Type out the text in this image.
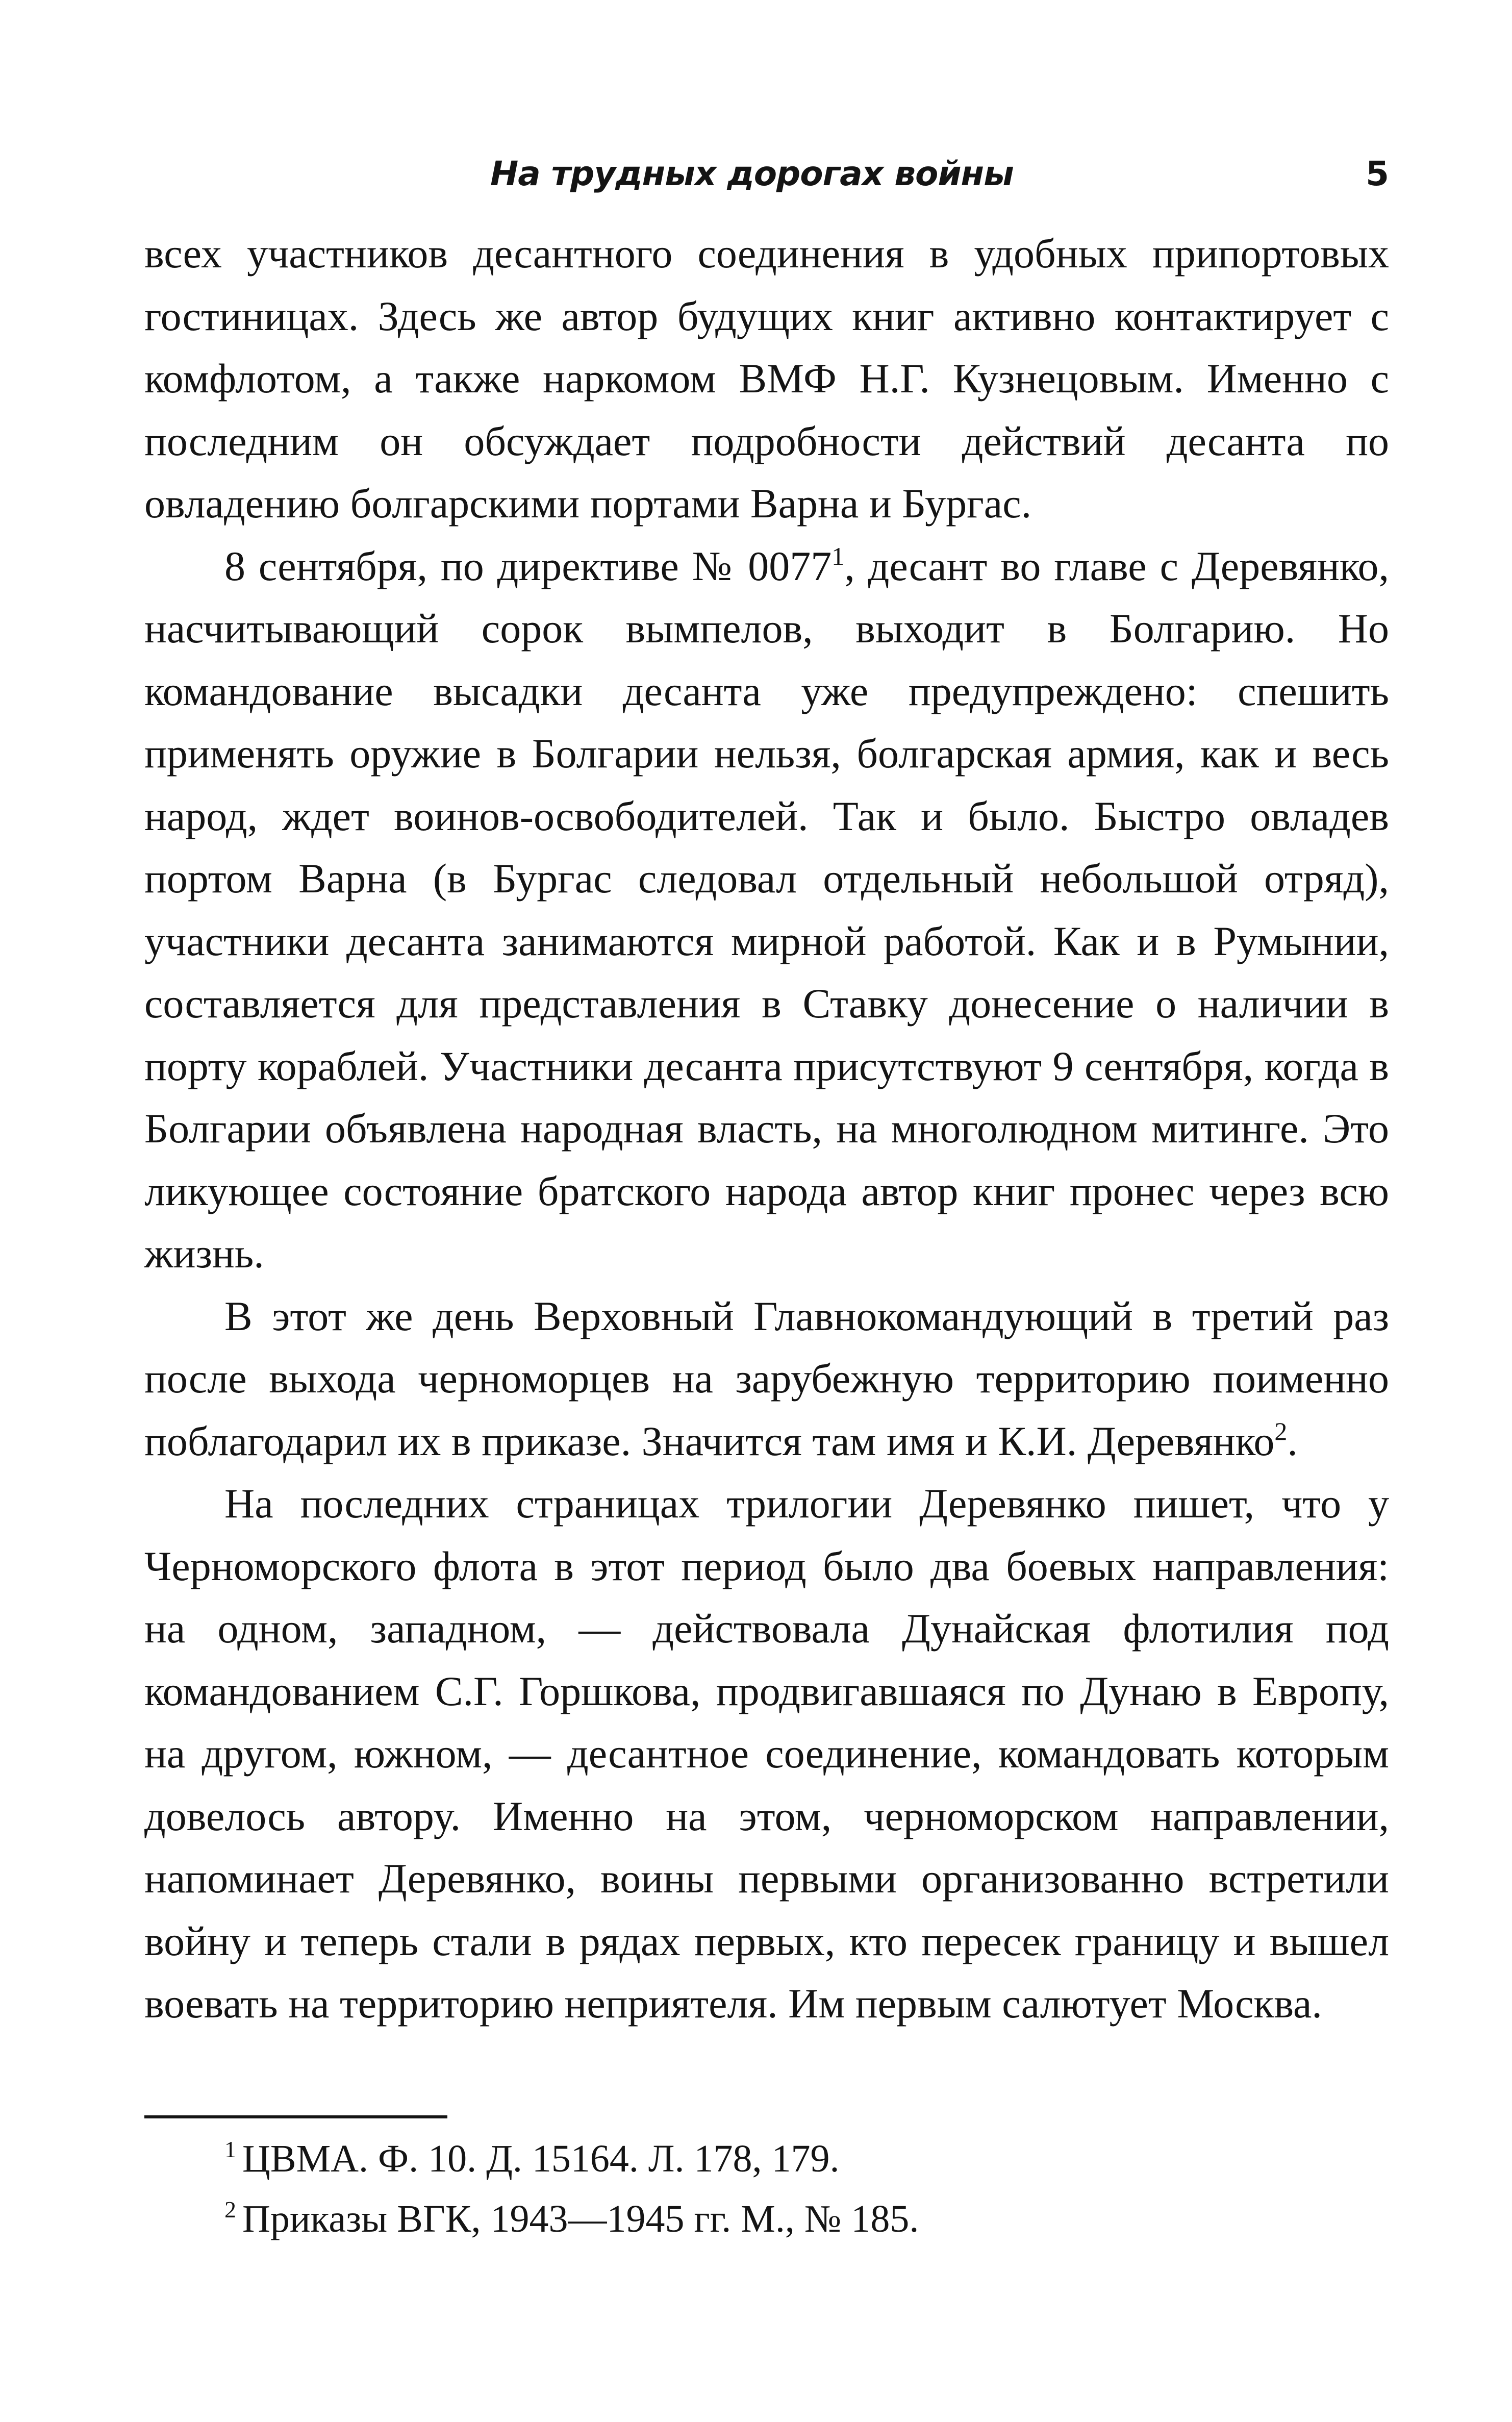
На трудных дорогах войны	5

всех участников десантного соединения в удобных припортовых гостиницах. Здесь же автор будущих книг активно контактирует с комфлотом, а также наркомом ВМФ Н.Г. Кузнецовым. Именно с последним он обсуждает подробности действий десанта по овладению болгарскими портами Варна и Бургас.

8 сентября, по директиве № 0077$^1$, десант во главе с Деревянко, насчитывающий сорок вымпелов, выходит в Болгарию. Но командование высадки десанта уже предупреждено: спешить применять оружие в Болгарии нельзя, болгарская армия, как и весь народ, ждет воинов-освободителей. Так и было. Быстро овладев портом Варна (в Бургас следовал отдельный небольшой отряд), участники десанта занимаются мирной работой. Как и в Румынии, составляется для представления в Ставку донесение о наличии в порту кораблей. Участники десанта присутствуют 9 сентября, когда в Болгарии объявлена народная власть, на многолюдном митинге. Это ликующее состояние братского народа автор книг пронес через всю жизнь.

В этот же день Верховный Главнокомандующий в третий раз после выхода черноморцев на зарубежную территорию поименно поблагодарил их в приказе. Значится там имя и К.И. Деревянко$^2$.

На последних страницах трилогии Деревянко пишет, что у Черноморского флота в этот период было два боевых направления: на одном, западном, — действовала Дунайская флотилия под командованием С.Г. Горшкова, продвигавшаяся по Дунаю в Европу, на другом, южном, — десантное соединение, командовать которым довелось автору. Именно на этом, черноморском направлении, напоминает Деревянко, воины первыми организованно встретили войну и теперь стали в рядах первых, кто пересек границу и вышел воевать на территорию неприятеля. Им первым салютует Москва.

$^1$ ЦВМА. Ф. 10. Д. 15164. Л. 178, 179.

$^2$ Приказы ВГК, 1943—1945 гг. М., № 185.
